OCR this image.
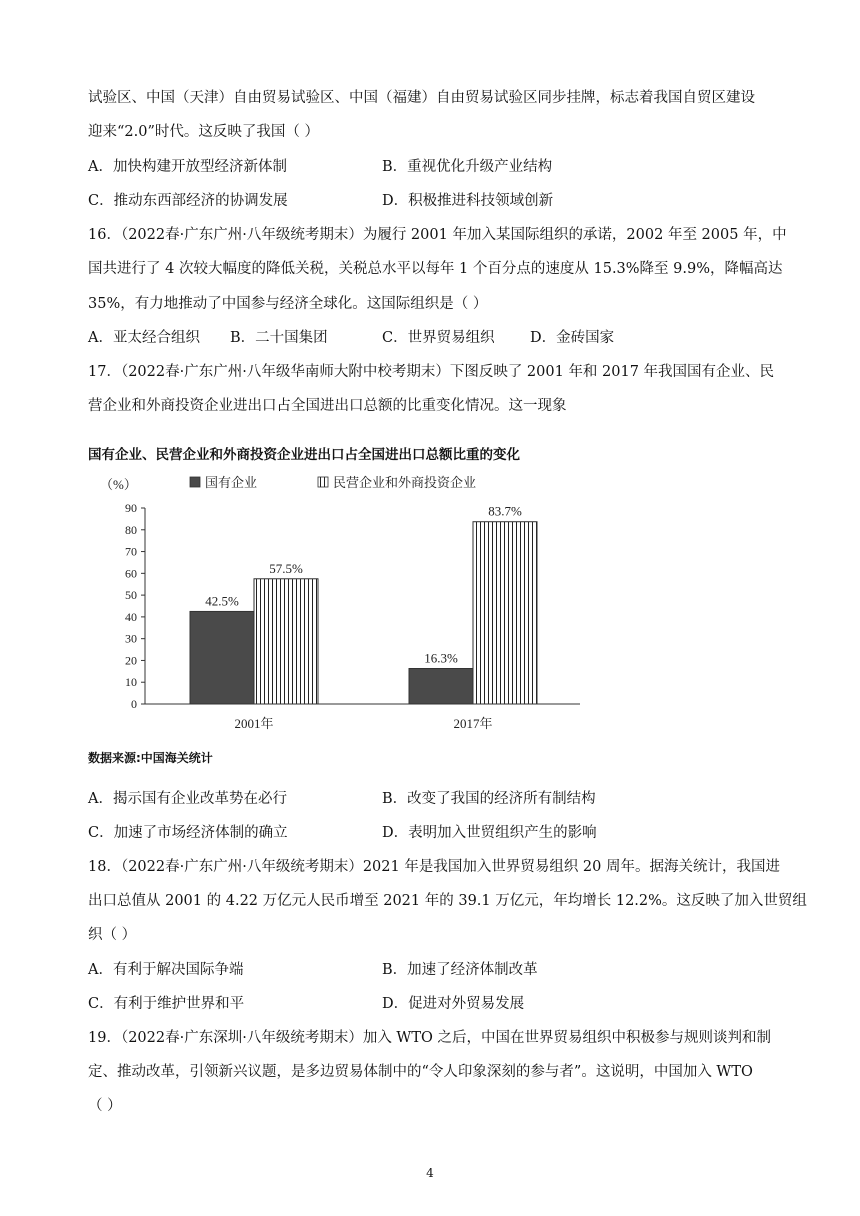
试验区、中国（天津）自由贸易试验区、中国（福建）自由贸易试验区同步挂牌，标志着我国自贸区建设
迎来“2.0”时代。这反映了我国（ ）
A．加快构建开放型经济新体制	B．重视优化升级产业结构
C．推动东西部经济的协调发展	D．积极推进科技领域创新
16．（2022春·广东广州·八年级统考期末）为履行 2001 年加入某国际组织的承诺，2002 年至 2005 年，中
国共进行了 4 次较大幅度的降低关税，关税总水平以每年 1 个百分点的速度从 15.3%降至 9.9%，降幅高达
35%，有力地推动了中国参与经济全球化。这国际组织是（ ）
A．亚太经合组织 B．二十国集团	C．世界贸易组织 D．金砖国家
17．（2022春·广东广州·八年级华南师大附中校考期末）下图反映了 2001 年和 2017 年我国国有企业、民
营企业和外商投资企业进出口占全国进出口总额的比重变化情况。这一现象
国有企业、民营企业和外商投资企业进出口占全国进出口总额比重的变化
0
10
20
30
40
50
60
70
80
90
（%）	国有企业	民营企业和外商投资企业
42.5%
57.5%
2001年
16.3%
83.7%
2017年
数据来源:中国海关统计
A．揭示国有企业改革势在必行	B．改变了我国的经济所有制结构
C．加速了市场经济体制的确立	D．表明加入世贸组织产生的影响
18．（2022春·广东广州·八年级统考期末）2021 年是我国加入世界贸易组织 20 周年。据海关统计，我国进
出口总值从 2001 的 4.22 万亿元人民币增至 2021 年的 39.1 万亿元，年均增长 12.2%。这反映了加入世贸组
织（ ）
A．有利于解决国际争端	B．加速了经济体制改革
C．有利于维护世界和平	D．促进对外贸易发展
19．（2022春·广东深圳·八年级统考期末）加入 WTO 之后，中国在世界贸易组织中积极参与规则谈判和制
定、推动改革，引领新兴议题，是多边贸易体制中的“令人印象深刻的参与者”。这说明，中国加入 WTO
（ ）
4
